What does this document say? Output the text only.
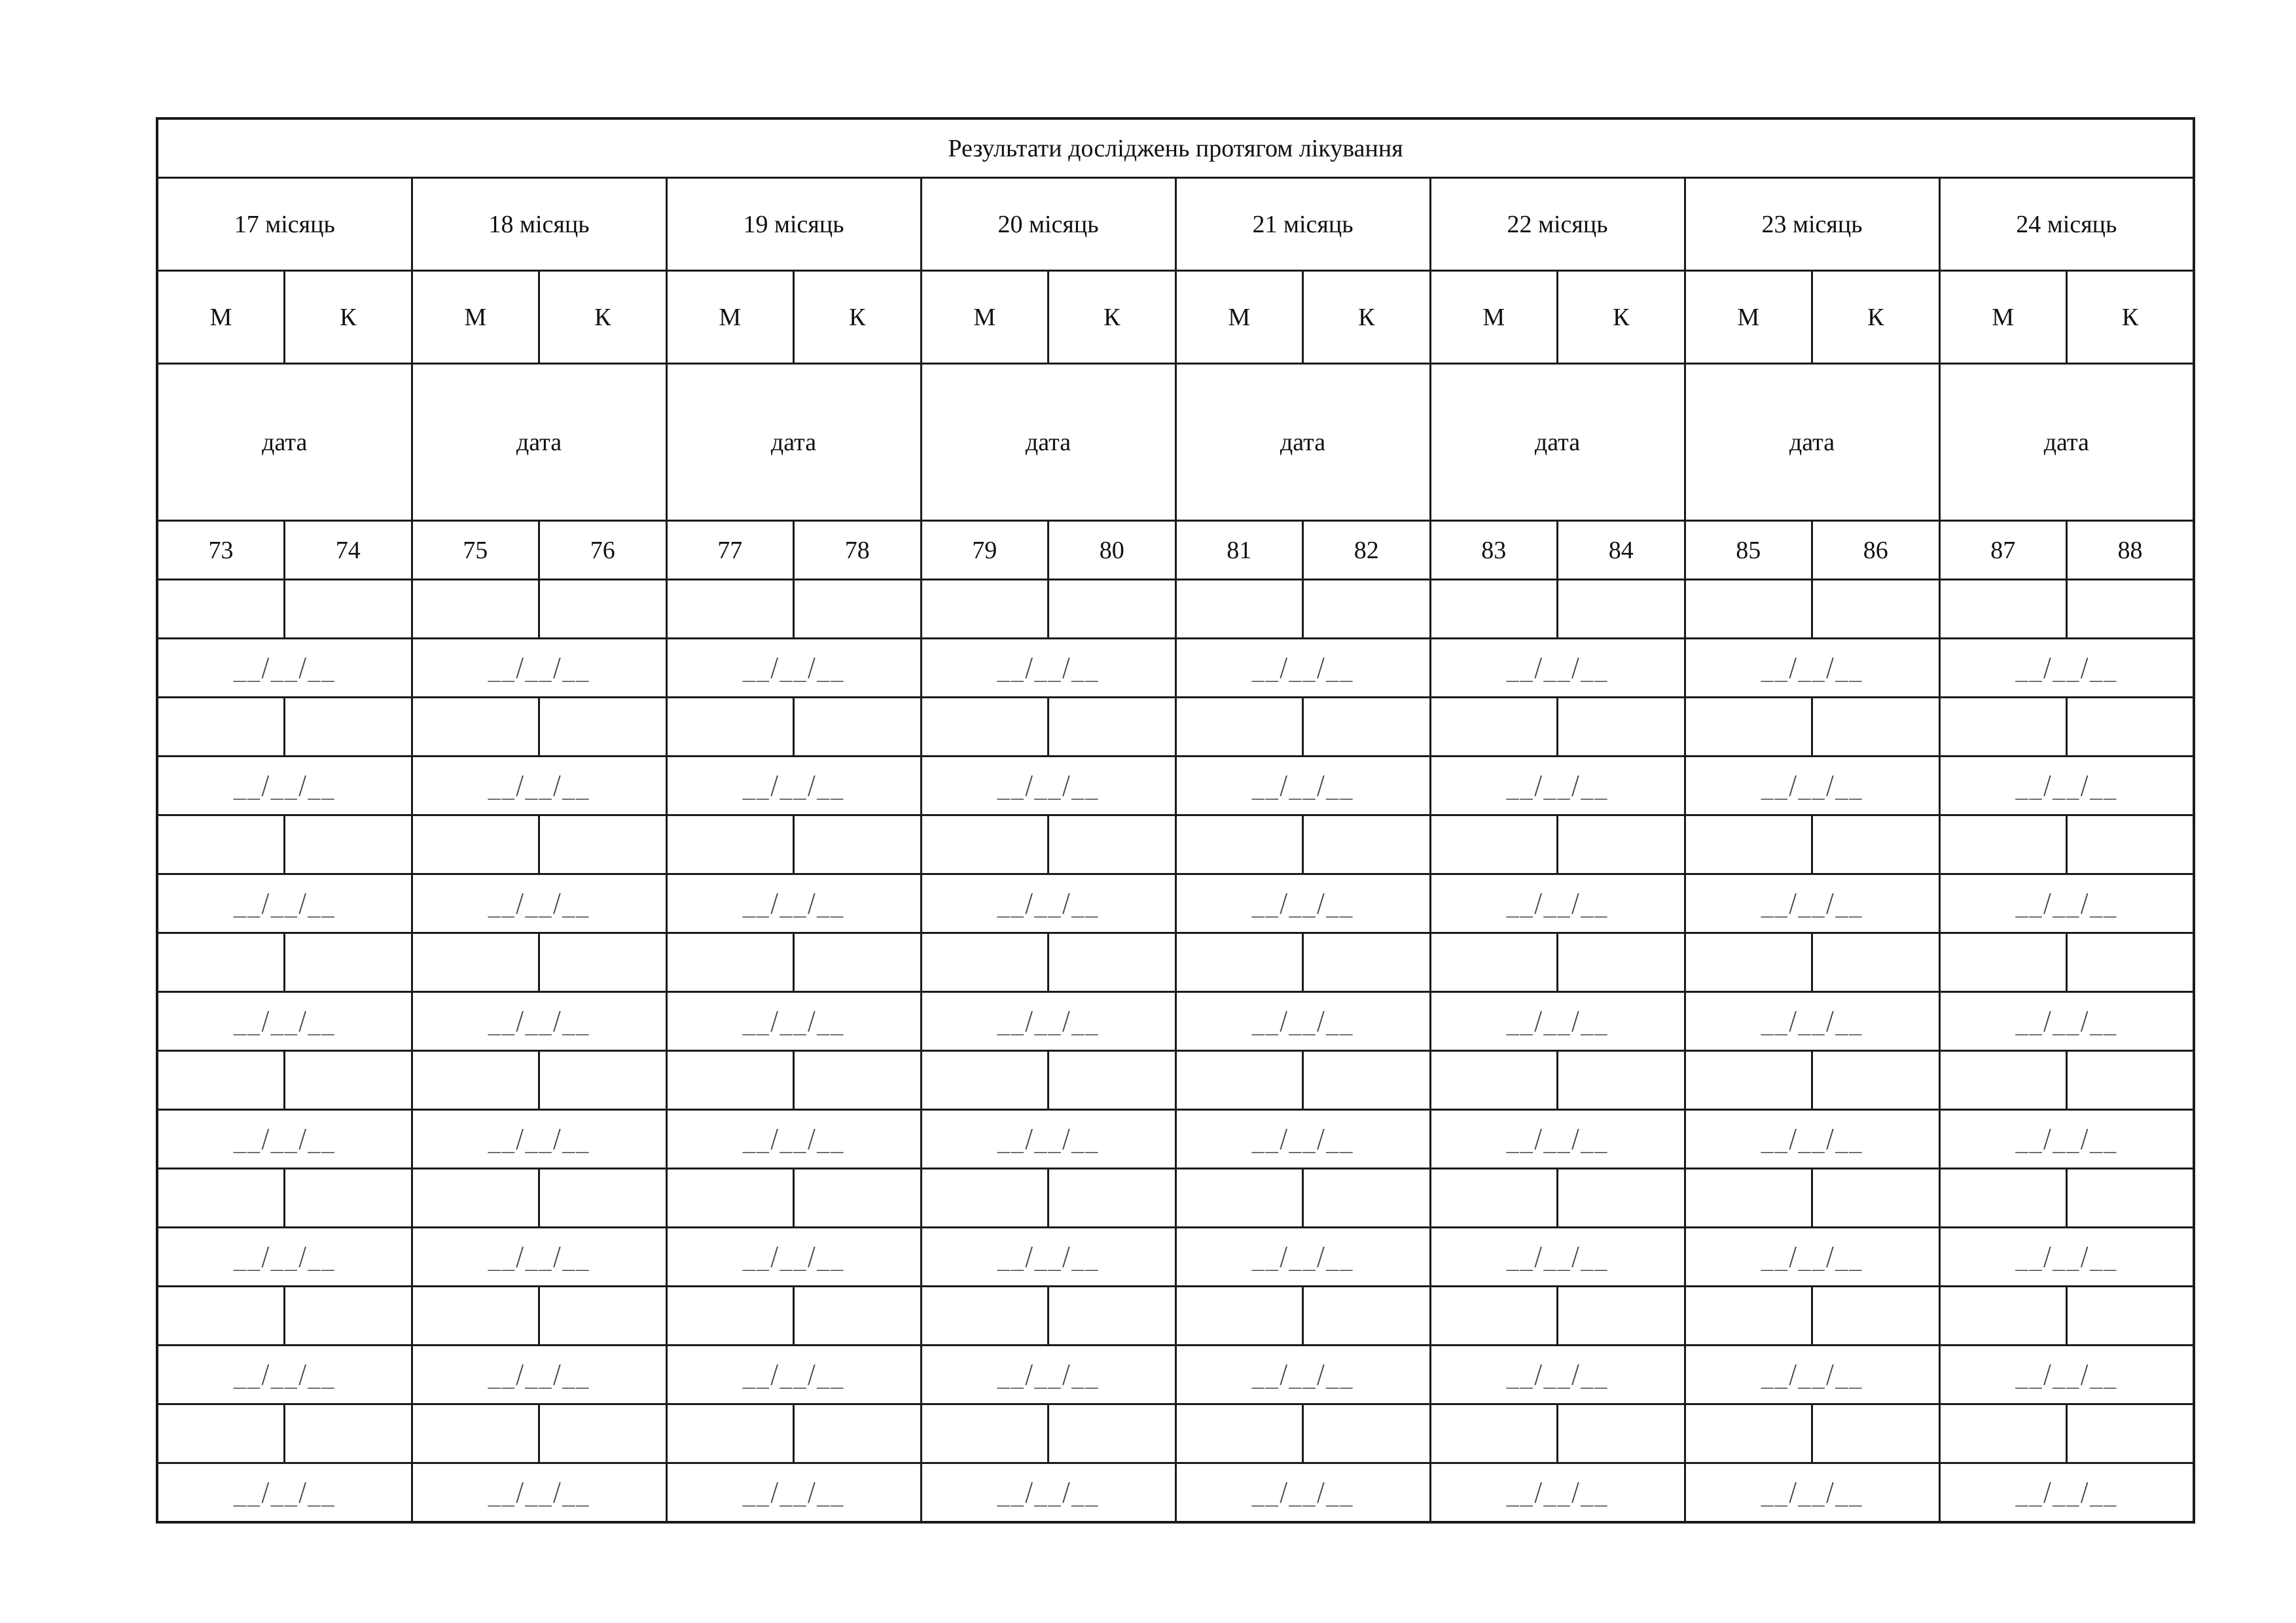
Результати досліджень протягом лікування															
17 місяць		18 місяць		19 місяць		20 місяць		21 місяць		22 місяць		23 місяць		24 місяць	
М	К	М	К	М	К	М	К	М	К	М	К	М	К	М	К
дата		дата		дата		дата		дата		дата		дата		дата	
73	74	75	76	77	78	79	80	81	82	83	84	85	86	87	88

__/__/__		__/__/__		__/__/__		__/__/__		__/__/__		__/__/__		__/__/__		__/__/__	

__/__/__		__/__/__		__/__/__		__/__/__		__/__/__		__/__/__		__/__/__		__/__/__	

__/__/__		__/__/__		__/__/__		__/__/__		__/__/__		__/__/__		__/__/__		__/__/__	

__/__/__		__/__/__		__/__/__		__/__/__		__/__/__		__/__/__		__/__/__		__/__/__	

__/__/__		__/__/__		__/__/__		__/__/__		__/__/__		__/__/__		__/__/__		__/__/__	

__/__/__		__/__/__		__/__/__		__/__/__		__/__/__		__/__/__		__/__/__		__/__/__	

__/__/__		__/__/__		__/__/__		__/__/__		__/__/__		__/__/__		__/__/__		__/__/__	

__/__/__		__/__/__		__/__/__		__/__/__		__/__/__		__/__/__		__/__/__		__/__/__	
